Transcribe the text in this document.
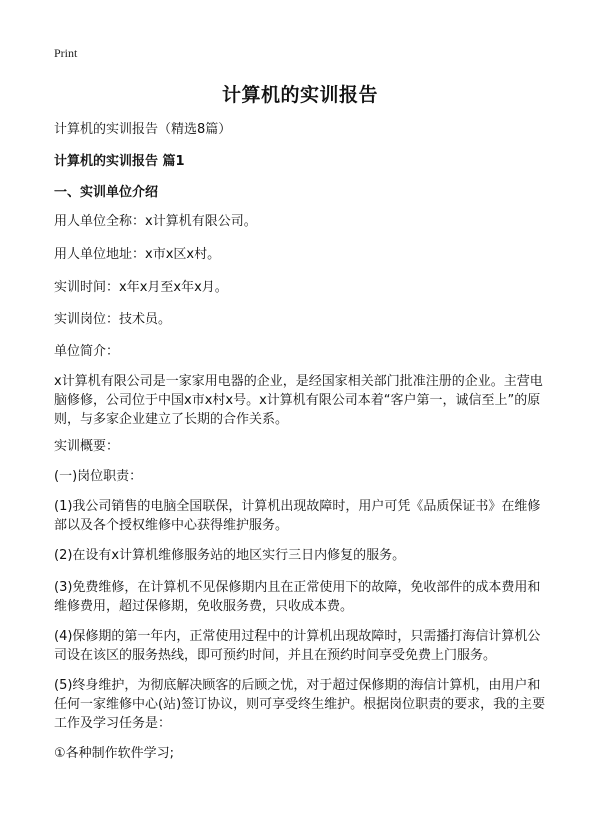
Print
计算机的实训报告
计算机的实训报告（精选8篇）
计算机的实训报告 篇1
一、实训单位介绍
用人单位全称：x计算机有限公司。
用人单位地址：x市x区x村。
实训时间：x年x月至x年x月。
实训岗位：技术员。
单位简介：
x计算机有限公司是一家家用电器的企业，是经国家相关部门批准注册的企业。主营电脑修修，公司位于中国x市x村x号。x计算机有限公司本着“客户第一，诚信至上”的原则，与多家企业建立了长期的合作关系。
实训概要：
(一)岗位职责：
(1)我公司销售的电脑全国联保，计算机出现故障时，用户可凭《品质保证书》在维修部以及各个授权维修中心获得维护服务。
(2)在设有x计算机维修服务站的地区实行三日内修复的服务。
(3)免费维修，在计算机不见保修期内且在正常使用下的故障，免收部件的成本费用和维修费用，超过保修期，免收服务费，只收成本费。
(4)保修期的第一年内，正常使用过程中的计算机出现故障时，只需播打海信计算机公司设在该区的服务热线，即可预约时间，并且在预约时间享受免费上门服务。
(5)终身维护，为彻底解决顾客的后顾之忧，对于超过保修期的海信计算机，由用户和任何一家维修中心(站)签订协议，则可享受终生维护。根据岗位职责的要求，我的主要工作及学习任务是：
①各种制作软件学习;
